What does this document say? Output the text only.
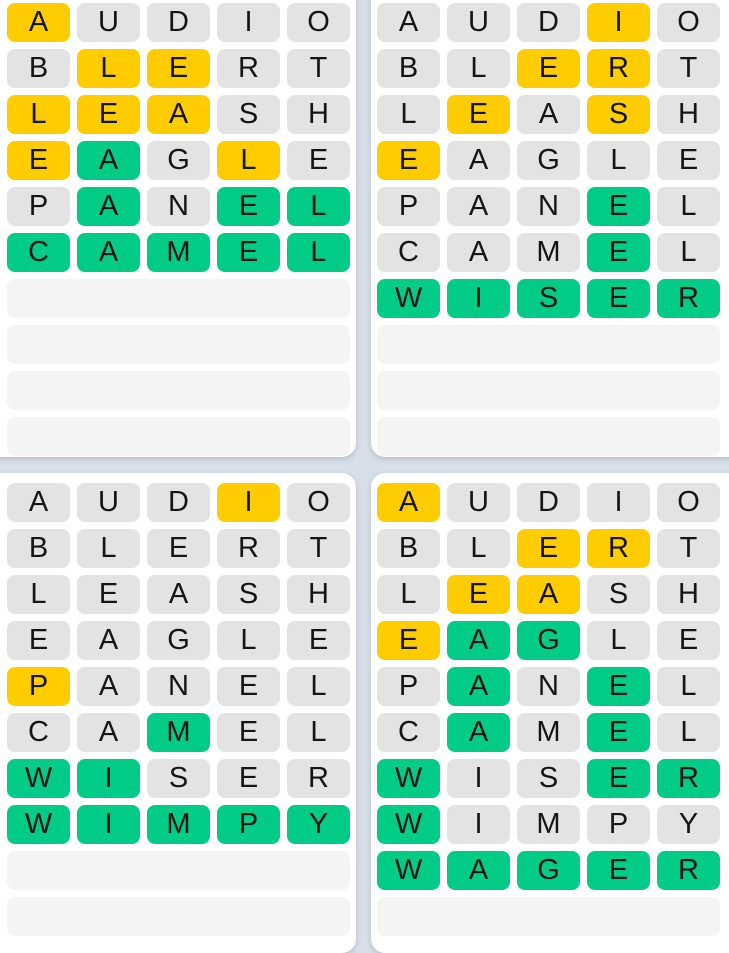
A	U	D	I	O
B	L	E	R	T
L	E	A	S	H
E	A	G	L	E
P	A	N	E	L
C	A	M	E	L
A	U	D	I	O
B	L	E	R	T
L	E	A	S	H
E	A	G	L	E
P	A	N	E	L
C	A	M	E	L
W	I	S	E	R
A	U	D	I	O
B	L	E	R	T
L	E	A	S	H
E	A	G	L	E
P	A	N	E	L
C	A	M	E	L
W	I	S	E	R
W	I	M	P	Y
A	U	D	I	O
B	L	E	R	T
L	E	A	S	H
E	A	G	L	E
P	A	N	E	L
C	A	M	E	L
W	I	S	E	R
W	I	M	P	Y
W	A	G	E	R
